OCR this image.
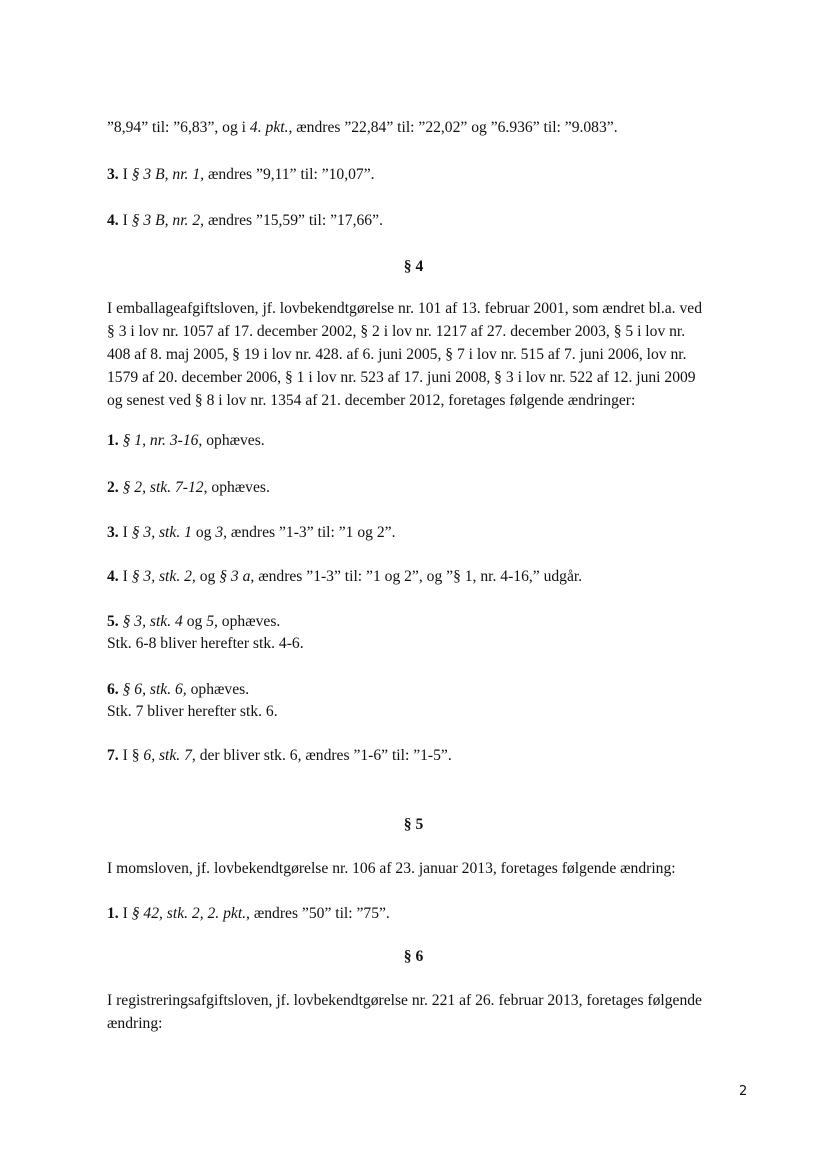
”8,94” til: ”6,83”, og i 4. pkt., ændres ”22,84” til: ”22,02” og ”6.936” til: ”9.083”.
3. I § 3 B, nr. 1, ændres ”9,11” til: ”10,07”.
4. I § 3 B, nr. 2, ændres ”15,59” til: ”17,66”.
§ 4
I emballageafgiftsloven, jf. lovbekendtgørelse nr. 101 af 13. februar 2001, som ændret bl.a. ved
§ 3 i lov nr. 1057 af 17. december 2002, § 2 i lov nr. 1217 af 27. december 2003, § 5 i lov nr.
408 af 8. maj 2005, § 19 i lov nr. 428. af 6. juni 2005, § 7 i lov nr. 515 af 7. juni 2006, lov nr.
1579 af 20. december 2006, § 1 i lov nr. 523 af 17. juni 2008, § 3 i lov nr. 522 af 12. juni 2009
og senest ved § 8 i lov nr. 1354 af 21. december 2012, foretages følgende ændringer:
1. § 1, nr. 3-16, ophæves.
2. § 2, stk. 7-12, ophæves.
3. I § 3, stk. 1 og 3, ændres ”1-3” til: ”1 og 2”.
4. I § 3, stk. 2, og § 3 a, ændres ”1-3” til: ”1 og 2”, og ”§ 1, nr. 4-16,” udgår.
5. § 3, stk. 4 og 5, ophæves.
Stk. 6-8 bliver herefter stk. 4-6.
6. § 6, stk. 6, ophæves.
Stk. 7 bliver herefter stk. 6.
7. I § 6, stk. 7, der bliver stk. 6, ændres ”1-6” til: ”1-5”.
§ 5
I momsloven, jf. lovbekendtgørelse nr. 106 af 23. januar 2013, foretages følgende ændring:
1. I § 42, stk. 2, 2. pkt., ændres ”50” til: ”75”.
§ 6
I registreringsafgiftsloven, jf. lovbekendtgørelse nr. 221 af 26. februar 2013, foretages følgende
ændring:
2
